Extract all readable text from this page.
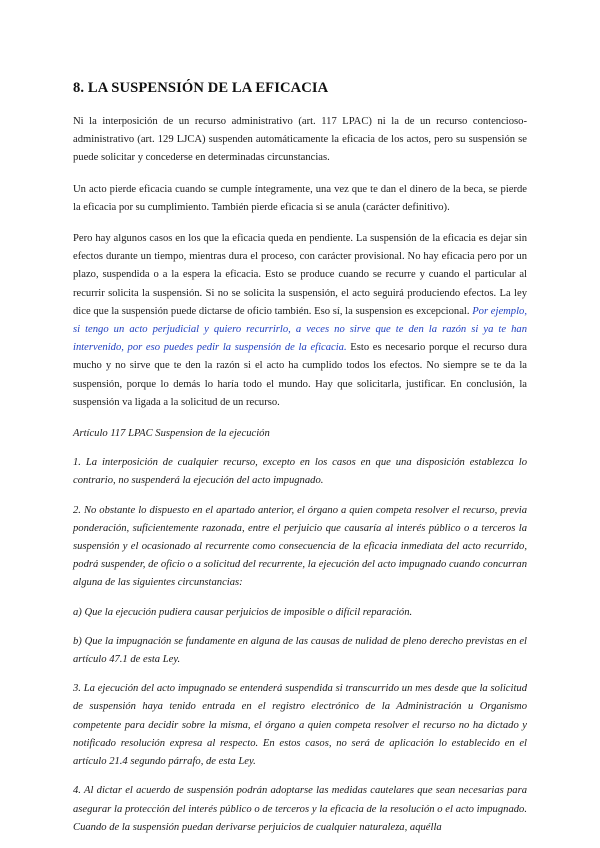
8. LA SUSPENSIÓN DE LA EFICACIA

Ni la interposición de un recurso administrativo (art. 117 LPAC) ni la de un recurso contencioso-administrativo (art. 129 LJCA) suspenden automáticamente la eficacia de los actos, pero su suspensión se puede solicitar y concederse en determinadas circunstancias.

Un acto pierde eficacia cuando se cumple íntegramente, una vez que te dan el dinero de la beca, se pierde la eficacia por su cumplimiento. También pierde eficacia si se anula (carácter definitivo).

Pero hay algunos casos en los que la eficacia queda en pendiente. La suspensión de la eficacia es dejar sin efectos durante un tiempo, mientras dura el proceso, con carácter provisional. No hay eficacia pero por un plazo, suspendida o a la espera la eficacia. Esto se produce cuando se recurre y cuando el particular al recurrir solicita la suspensión. Si no se solicita la suspensión, el acto seguirá produciendo efectos. La ley dice que la suspensión puede dictarse de oficio también. Eso sí, la suspension es excepcional. Por ejemplo, si tengo un acto perjudicial y quiero recurrirlo, a veces no sirve que te den la razón si ya te han intervenido, por eso puedes pedir la suspensión de la eficacia. Esto es necesario porque el recurso dura mucho y no sirve que te den la razón si el acto ha cumplido todos los efectos. No siempre se te da la suspensión, porque lo demás lo haría todo el mundo. Hay que solicitarla, justificar. En conclusión, la suspensión va ligada a la solicitud de un recurso.

Artículo 117 LPAC Suspension de la ejecución

1. La interposición de cualquier recurso, excepto en los casos en que una disposición establezca lo contrario, no suspenderá la ejecución del acto impugnado.

2. No obstante lo dispuesto en el apartado anterior, el órgano a quien competa resolver el recurso, previa ponderación, suficientemente razonada, entre el perjuicio que causaría al interés público o a terceros la suspensión y el ocasionado al recurrente como consecuencia de la eficacia inmediata del acto recurrido, podrá suspender, de oficio o a solicitud del recurrente, la ejecución del acto impugnado cuando concurran alguna de las siguientes circunstancias:

a) Que la ejecución pudiera causar perjuicios de imposible o difícil reparación.

b) Que la impugnación se fundamente en alguna de las causas de nulidad de pleno derecho previstas en el artículo 47.1 de esta Ley.

3. La ejecución del acto impugnado se entenderá suspendida si transcurrido un mes desde que la solicitud de suspensión haya tenido entrada en el registro electrónico de la Administración u Organismo competente para decidir sobre la misma, el órgano a quien competa resolver el recurso no ha dictado y notificado resolución expresa al respecto. En estos casos, no será de aplicación lo establecido en el artículo 21.4 segundo párrafo, de esta Ley.

4. Al dictar el acuerdo de suspensión podrán adoptarse las medidas cautelares que sean necesarias para asegurar la protección del interés público o de terceros y la eficacia de la resolución o el acto impugnado. Cuando de la suspensión puedan derivarse perjuicios de cualquier naturaleza, aquélla
